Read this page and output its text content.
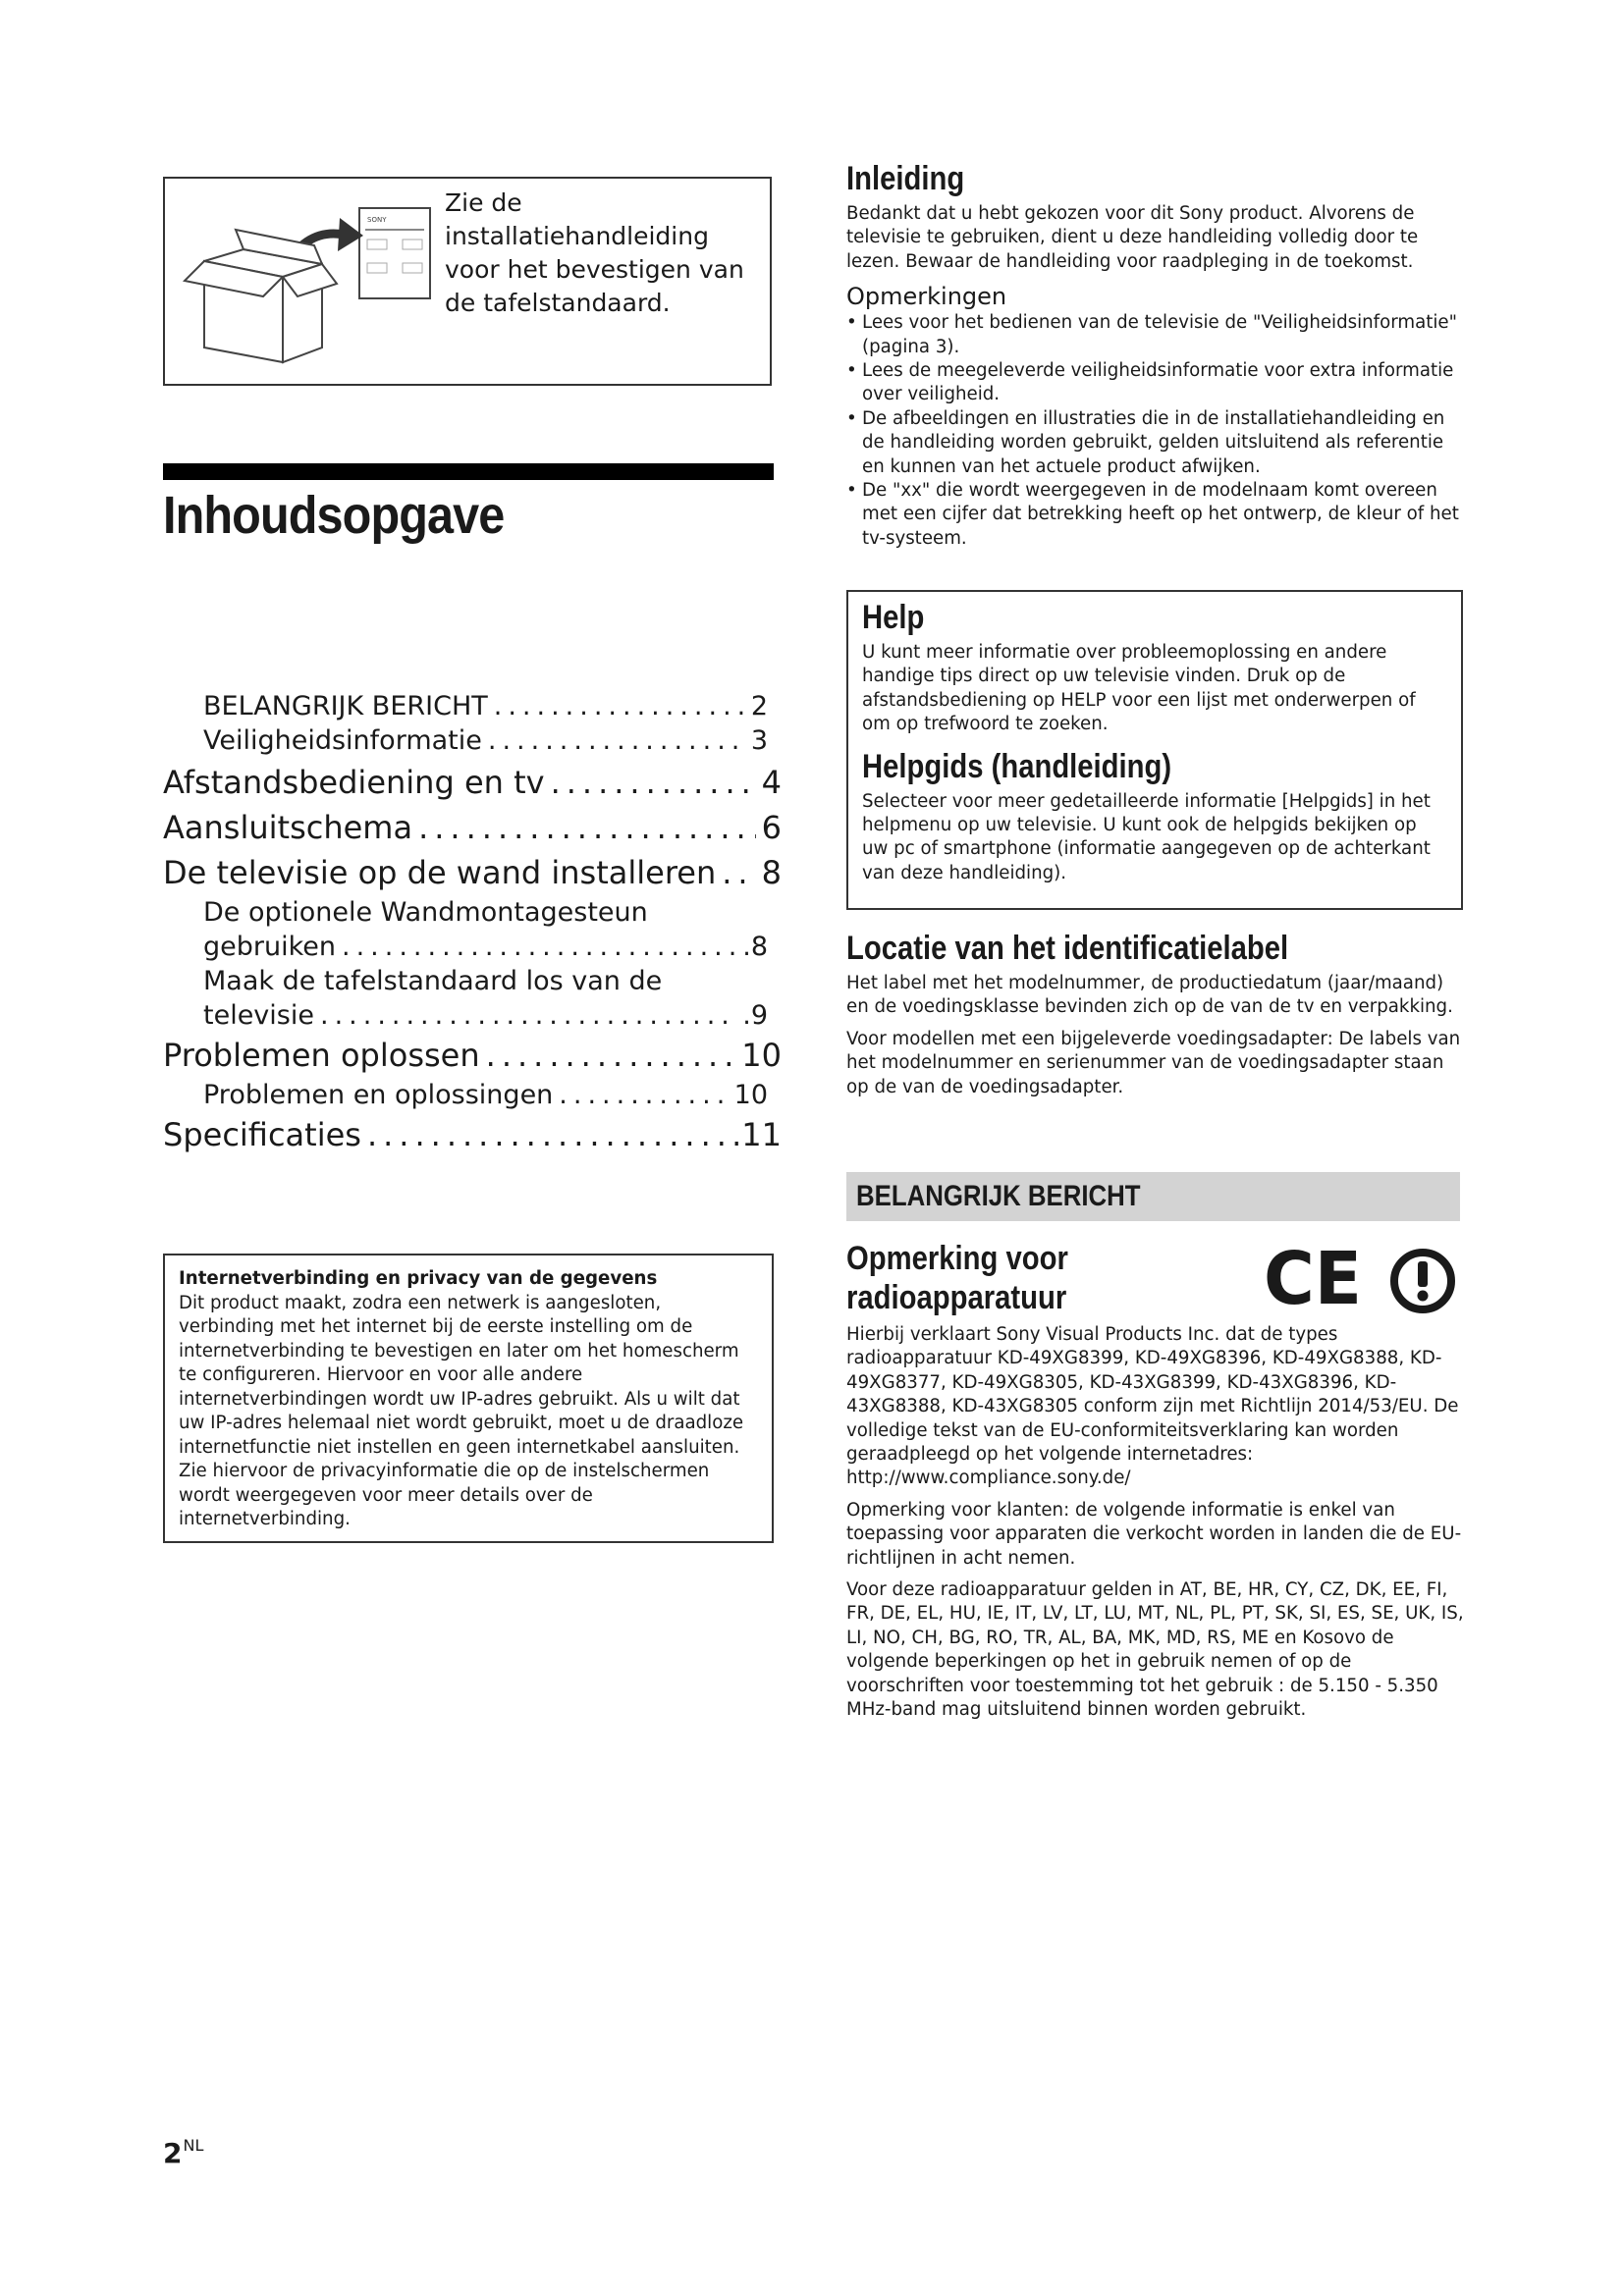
SONY
Zie de installatiehandleiding voor het bevestigen van de tafelstandaard.
Inhoudsopgave
BELANGRIJK BERICHT .....	2
Veiligheidsinformatie .....	3
Afstandsbediening en tv .....	4
Aansluitschema .....	6
De televisie op de wand installeren ..... 8
De optionele Wandmontagesteun
gebruiken .....	.8
Maak de tafelstandaard los van de
televisie .....	.9
Problemen oplossen .....	10
Problemen en oplossingen .....	10
Specificaties .....	.11
Internetverbinding en privacy van de gegevens
Dit product maakt, zodra een netwerk is aangesloten, verbinding met het internet bij de eerste instelling om de internetverbinding te bevestigen en later om het homescherm te configureren. Hiervoor en voor alle andere internetverbindingen wordt uw IP-adres gebruikt. Als u wilt dat uw IP-adres helemaal niet wordt gebruikt, moet u de draadloze internetfunctie niet instellen en geen internetkabel aansluiten. Zie hiervoor de privacyinformatie die op de instelschermen wordt weergegeven voor meer details over de internetverbinding.
$2^{NL}$
Inleiding
Bedankt dat u hebt gekozen voor dit Sony product. Alvorens de televisie te gebruiken, dient u deze handleiding volledig door te lezen. Bewaar de handleiding voor raadpleging in de toekomst.
Opmerkingen
• Lees voor het bedienen van de televisie de "Veiligheidsinformatie" (pagina 3).
• Lees de meegeleverde veiligheidsinformatie voor extra informatie over veiligheid.
• De afbeeldingen en illustraties die in de installatiehandleiding en de handleiding worden gebruikt, gelden uitsluitend als referentie en kunnen van het actuele product afwijken.
• De "xx" die wordt weergegeven in de modelnaam komt overeen met een cijfer dat betrekking heeft op het ontwerp, de kleur of het tv-systeem.
Help
U kunt meer informatie over probleemoplossing en andere handige tips direct op uw televisie vinden. Druk op de afstandsbediening op HELP voor een lijst met onderwerpen of om op trefwoord te zoeken.
Helpgids (handleiding)
Selecteer voor meer gedetailleerde informatie [Helpgids] in het helpmenu op uw televisie. U kunt ook de helpgids bekijken op uw pc of smartphone (informatie aangegeven op de achterkant van deze handleiding).
Locatie van het identificatielabel
Het label met het modelnummer, de productiedatum (jaar/maand) en de voedingsklasse bevinden zich op de van de tv en verpakking.
Voor modellen met een bijgeleverde voedingsadapter: De labels van het modelnummer en serienummer van de voedingsadapter staan op de van de voedingsadapter.
BELANGRIJK BERICHT
Opmerking voor
radioapparatuur	CE

Hierbij verklaart Sony Visual Products Inc. dat de types radioapparatuur KD-49XG8399, KD-49XG8396, KD-49XG8388, KD-49XG8377, KD-49XG8305, KD-43XG8399, KD-43XG8396, KD-43XG8388, KD-43XG8305 conform zijn met Richtlijn 2014/53/EU. De volledige tekst van de EU-conformiteitsverklaring kan worden geraadpleegd op het volgende internetadres: http://www.compliance.sony.de/

Opmerking voor klanten: de volgende informatie is enkel van toepassing voor apparaten die verkocht worden in landen die de EU-richtlijnen in acht nemen.

Voor deze radioapparatuur gelden in AT, BE, HR, CY, CZ, DK, EE, FI, FR, DE, EL, HU, IE, IT, LV, LT, LU, MT, NL, PL, PT, SK, SI, ES, SE, UK, IS, LI, NO, CH, BG, RO, TR, AL, BA, MK, MD, RS, ME en Kosovo de volgende beperkingen op het in gebruik nemen of op de voorschriften voor toestemming tot het gebruik : de 5.150 - 5.350 MHz-band mag uitsluitend binnen worden gebruikt.
